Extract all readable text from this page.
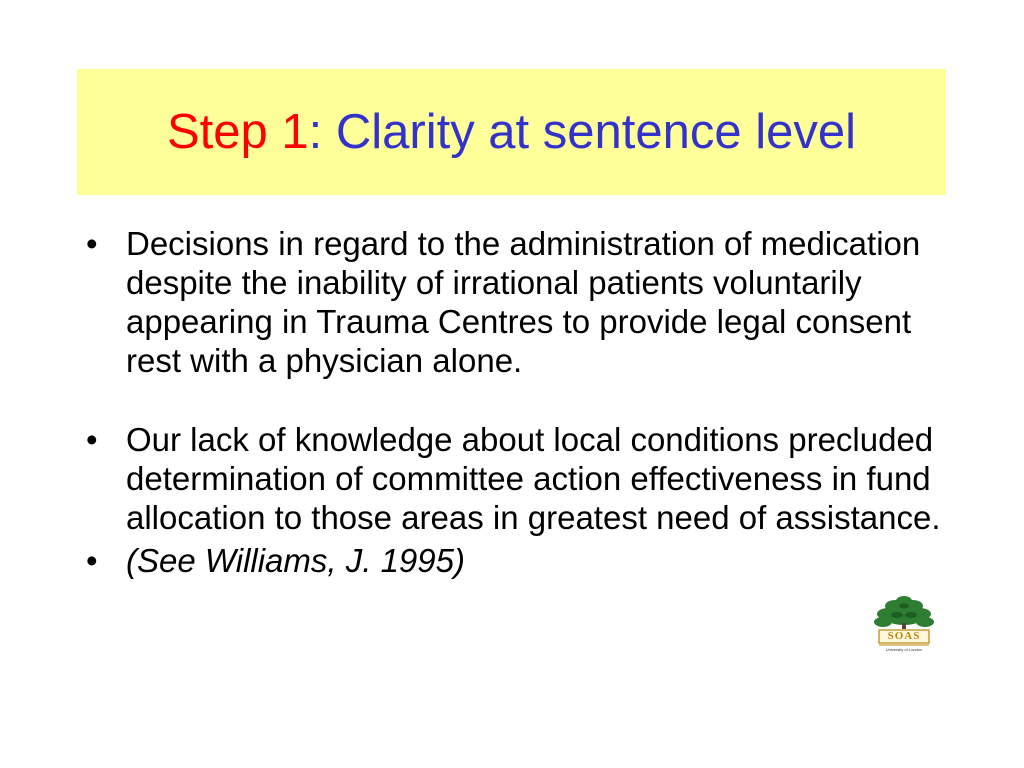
Step 1: Clarity at sentence level
• Decisions in regard to the administration of medication despite the inability of irrational patients voluntarily appearing in Trauma Centres to provide legal consent rest with a physician alone.
• Our lack of knowledge about local conditions precluded determination of committee action effectiveness in fund allocation to those areas in greatest need of assistance.
• (See Williams, J. 1995)
SOAS
University of London
